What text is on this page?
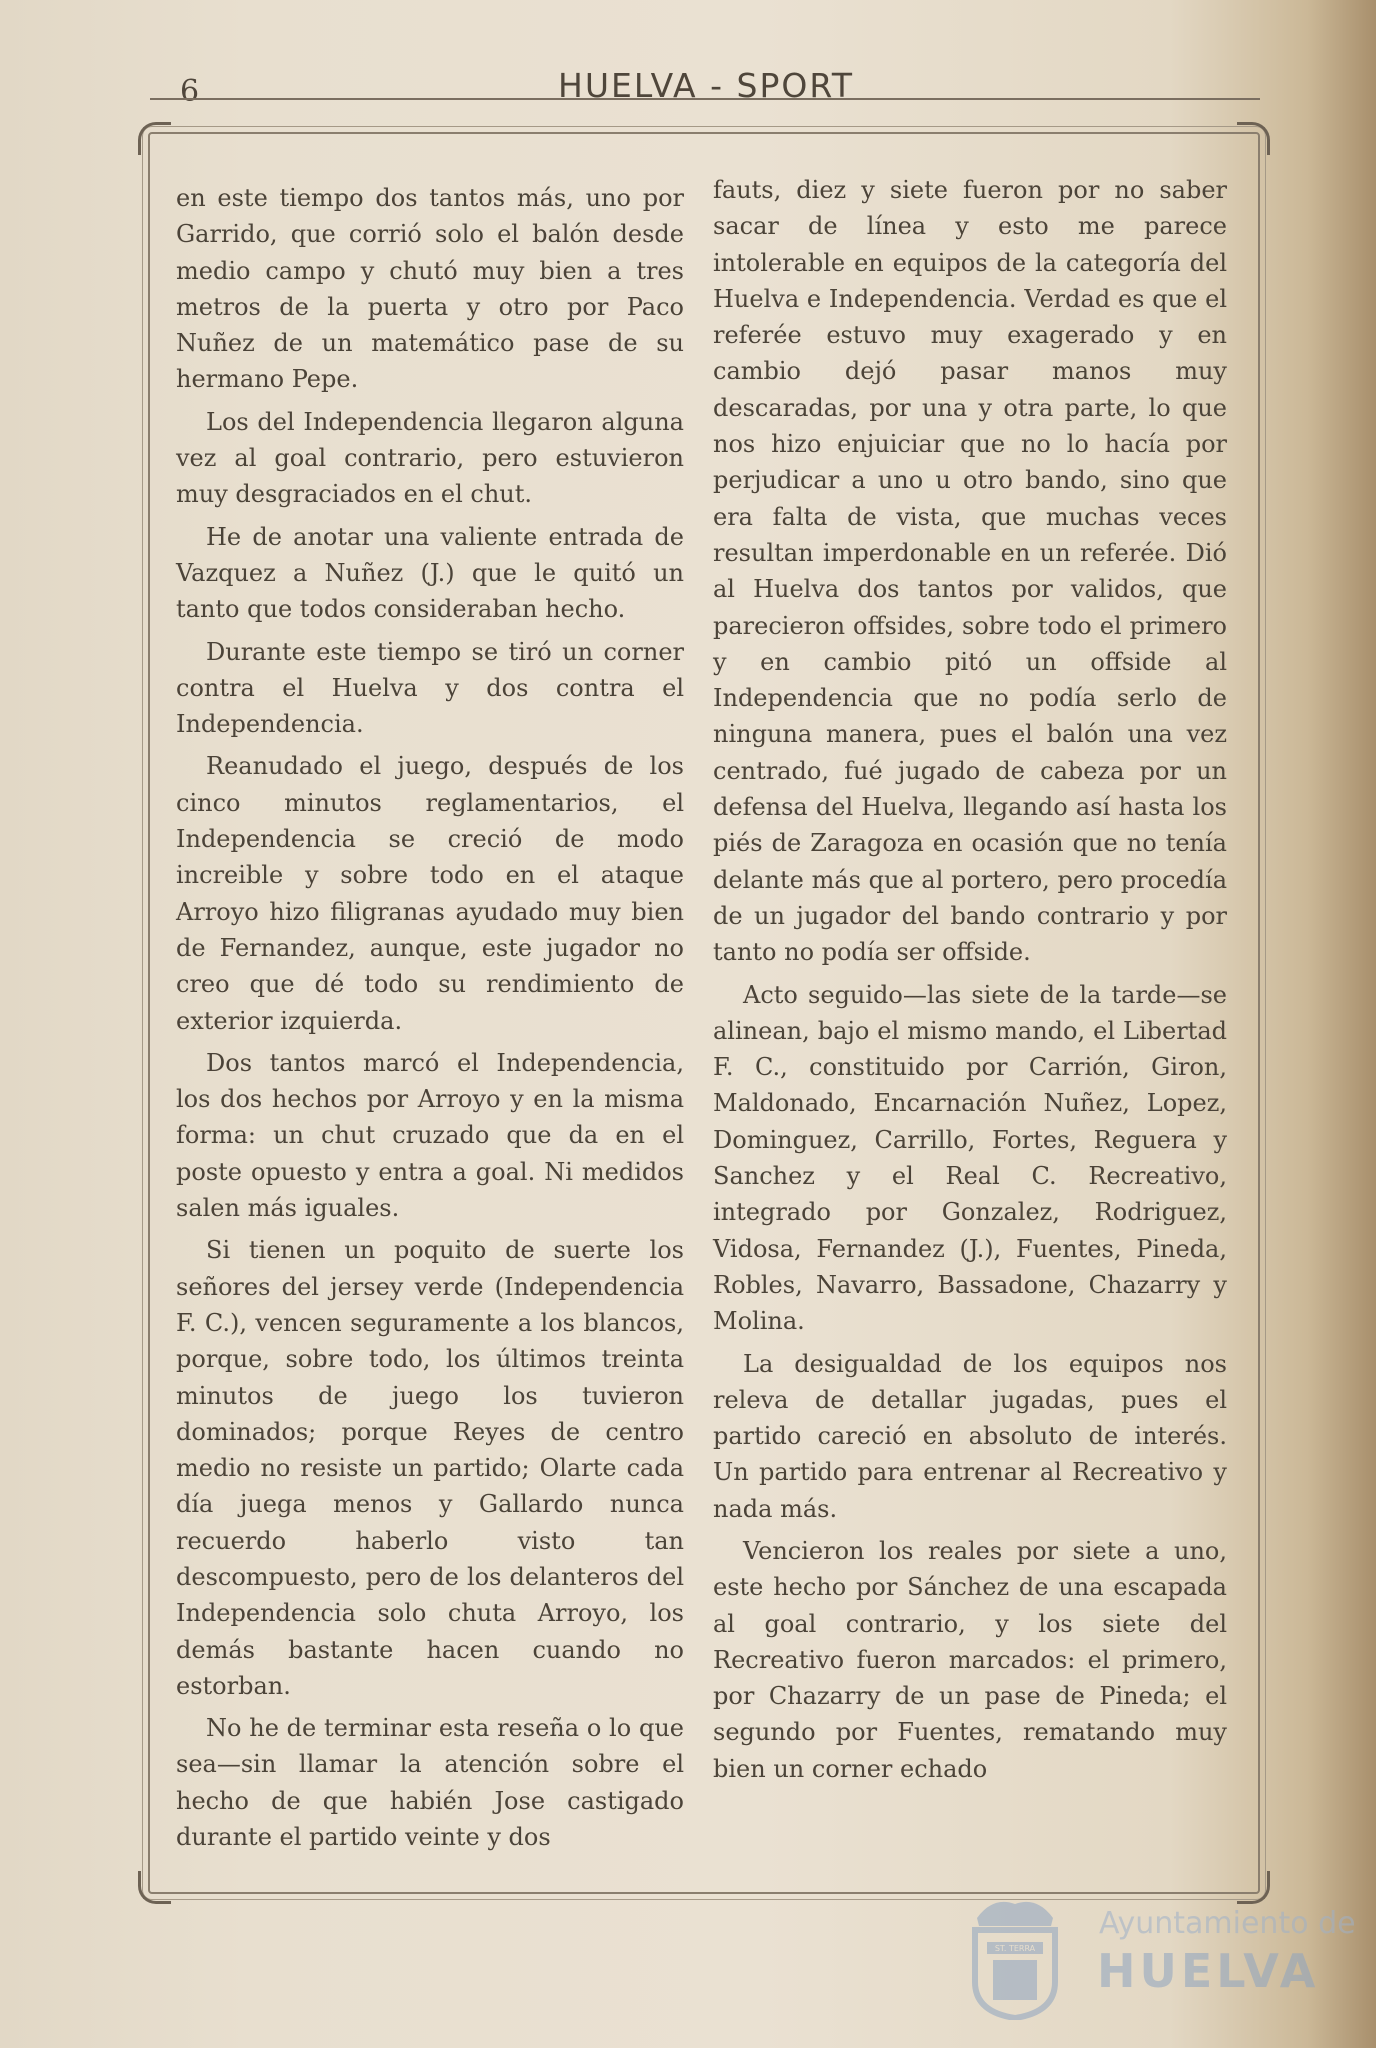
6	HUELVA - SPORT

en este tiempo dos tantos más, uno por Garrido, que corrió solo el balón desde medio campo y chutó muy bien a tres metros de la puerta y otro por Paco Nuñez de un matemático pase de su hermano Pepe.

Los del Independencia llegaron alguna vez al goal contrario, pero estuvieron muy desgraciados en el chut.

He de anotar una valiente entrada de Vazquez a Nuñez (J.) que le quitó un tanto que todos consideraban hecho.

Durante este tiempo se tiró un corner contra el Huelva y dos contra el Independencia.

Reanudado el juego, después de los cinco minutos reglamentarios, el Independencia se creció de modo increible y sobre todo en el ataque Arroyo hizo filigranas ayudado muy bien de Fernandez, aunque, este jugador no creo que dé todo su rendimiento de exterior izquierda.

Dos tantos marcó el Independencia, los dos hechos por Arroyo y en la misma forma: un chut cruzado que da en el poste opuesto y entra a goal. Ni medidos salen más iguales.

Si tienen un poquito de suerte los señores del jersey verde (Independencia F. C.), vencen seguramente a los blancos, porque, sobre todo, los últimos treinta minutos de juego los tuvieron dominados; porque Reyes de centro medio no resiste un partido; Olarte cada día juega menos y Gallardo nunca recuerdo haberlo visto tan descompuesto, pero de los delanteros del Independencia solo chuta Arroyo, los demás bastante hacen cuando no estorban.

No he de terminar esta reseña o lo que sea—sin llamar la atención sobre el hecho de que habién Jose castigado durante el partido veinte y dos

fauts, diez y siete fueron por no saber sacar de línea y esto me parece intolerable en equipos de la categoría del Huelva e Independencia. Verdad es que el referée estuvo muy exagerado y en cambio dejó pasar manos muy descaradas, por una y otra parte, lo que nos hizo enjuiciar que no lo hacía por perjudicar a uno u otro bando, sino que era falta de vista, que muchas veces resultan imperdonable en un referée. Dió al Huelva dos tantos por validos, que parecieron offsides, sobre todo el primero y en cambio pitó un offside al Independencia que no podía serlo de ninguna manera, pues el balón una vez centrado, fué jugado de cabeza por un defensa del Huelva, llegando así hasta los piés de Zaragoza en ocasión que no tenía delante más que al portero, pero procedía de un jugador del bando contrario y por tanto no podía ser offside.

Acto seguido—las siete de la tarde—se alinean, bajo el mismo mando, el Libertad F. C., constituido por Carrión, Giron, Maldonado, Encarnación Nuñez, Lopez, Dominguez, Carrillo, Fortes, Reguera y Sanchez y el Real C. Recreativo, integrado por Gonzalez, Rodriguez, Vidosa, Fernandez (J.), Fuentes, Pineda, Robles, Navarro, Bassadone, Chazarry y Molina.

La desigualdad de los equipos nos releva de detallar jugadas, pues el partido careció en absoluto de interés. Un partido para entrenar al Recreativo y nada más.

Vencieron los reales por siete a uno, este hecho por Sánchez de una escapada al goal contrario, y los siete del Recreativo fueron marcados: el primero, por Chazarry de un pase de Pineda; el segundo por Fuentes, rematando muy bien un corner echado

ST. TERRA
Ayuntamiento de
HUELVA
